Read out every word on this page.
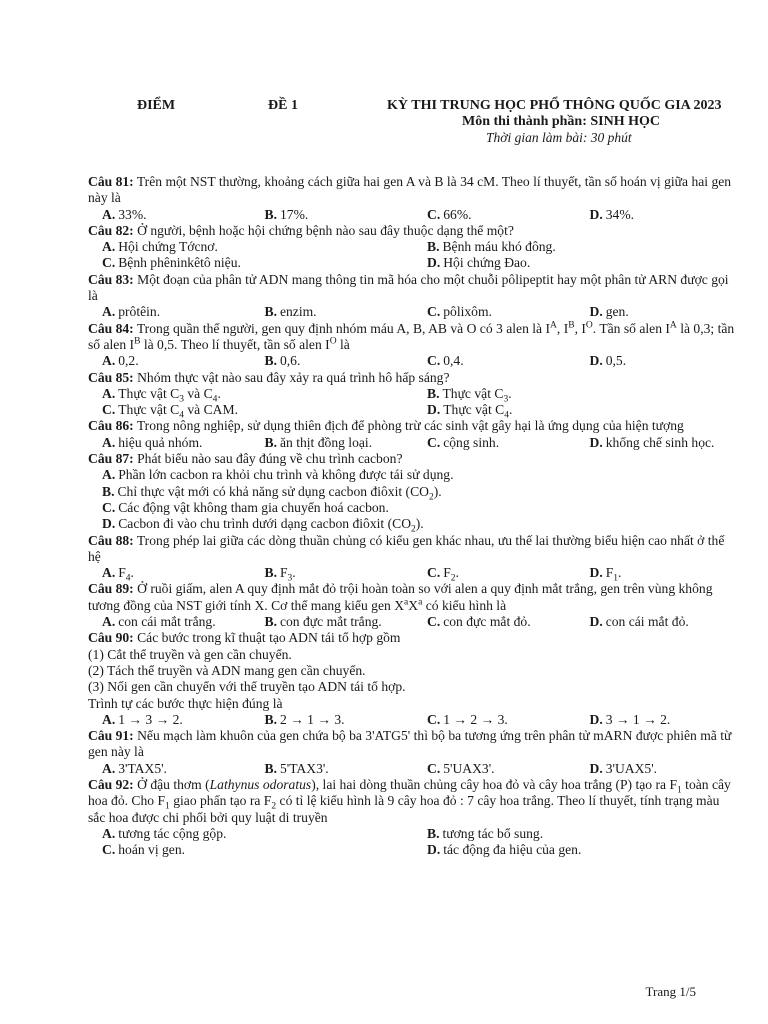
ĐIỂM	ĐỀ 1	KỲ THI TRUNG HỌC PHỔ THÔNG QUỐC GIA 2023
Môn thi thành phần: SINH HỌC
Thời gian làm bài: 30 phút
Câu 81: Trên một NST thường, khoảng cách giữa hai gen A và B là 34 cM. Theo lí thuyết, tần số hoán vị giữa hai gen này là
A. 33%.	B. 17%.	C. 66%.	D. 34%.
Câu 82: Ở người, bệnh hoặc hội chứng bệnh nào sau đây thuộc dạng thể một?
A. Hội chứng Tớcnơ.	B. Bệnh máu khó đông.
C. Bệnh phêninkêtô niệu.	D. Hội chứng Đao.
Câu 83: Một đoạn của phân tử ADN mang thông tin mã hóa cho một chuỗi pôlipeptit hay một phân tử ARN được gọi là
A. prôtêin.	B. enzim.	C. pôlixôm.	D. gen.
Câu 84: Trong quần thể người, gen quy định nhóm máu A, B, AB và O có 3 alen là $I^A$, $I^B$, $I^O$. Tần số alen $I^A$ là 0,3; tần số alen $I^B$ là 0,5. Theo lí thuyết, tần số alen $I^O$ là
A. 0,2.	B. 0,6.	C. 0,4.	D. 0,5.
Câu 85: Nhóm thực vật nào sau đây xảy ra quá trình hô hấp sáng?
A. Thực vật $C_3$ và $C_4$.	B. Thực vật $C_3$.
C. Thực vật $C_4$ và CAM.	D. Thực vật $C_4$.
Câu 86: Trong nông nghiệp, sử dụng thiên địch để phòng trừ các sinh vật gây hại là ứng dụng của hiện tượng
A. hiệu quả nhóm.	B. ăn thịt đồng loại.	C. cộng sinh.	D. khống chế sinh học.
Câu 87: Phát biểu nào sau đây đúng về chu trình cacbon?
A. Phần lớn cacbon ra khỏi chu trình và không được tái sử dụng.
B. Chỉ thực vật mới có khả năng sử dụng cacbon điôxit $(CO_2)$.
C. Các động vật không tham gia chuyển hoá cacbon.
D. Cacbon đi vào chu trình dưới dạng cacbon điôxit $(CO_2)$.
Câu 88: Trong phép lai giữa các dòng thuần chủng có kiểu gen khác nhau, ưu thế lai thường biểu hiện cao nhất ở thế hệ
A. $F_4$.	B. $F_3$.	C. $F_2$.	D. $F_1$.
Câu 89: Ở ruồi giấm, alen A quy định mắt đỏ trội hoàn toàn so với alen a quy định mắt trắng, gen trên vùng không tương đồng của NST giới tính X. Cơ thể mang kiểu gen $X^aX^a$ có kiểu hình là
A. con cái mắt trắng.	B. con đực mắt trắng.	C. con đực mắt đỏ.	D. con cái mắt đỏ.
Câu 90: Các bước trong kĩ thuật tạo ADN tái tổ hợp gồm
(1) Cắt thể truyền và gen cần chuyển.
(2) Tách thể truyền và ADN mang gen cần chuyển.
(3) Nối gen cần chuyển với thể truyền tạo ADN tái tổ hợp.
Trình tự các bước thực hiện đúng là
A. 1 → 3 → 2.	B. 2 → 1 → 3.	C. 1 → 2 → 3.	D. 3 → 1 → 2.
Câu 91: Nếu mạch làm khuôn của gen chứa bộ ba 3'ATG5' thì bộ ba tương ứng trên phân tử mARN được phiên mã từ gen này là
A. 3'TAX5'.	B. 5'TAX3'.	C. 5'UAX3'.	D. 3'UAX5'.
Câu 92: Ở đậu thơm (Lathynus odoratus), lai hai dòng thuần chủng cây hoa đỏ và cây hoa trắng (P) tạo ra $F_1$ toàn cây hoa đỏ. Cho $F_1$ giao phấn tạo ra $F_2$ có tỉ lệ kiểu hình là 9 cây hoa đỏ : 7 cây hoa trắng. Theo lí thuyết, tính trạng màu sắc hoa được chi phối bởi quy luật di truyền
A. tương tác cộng gộp.	B. tương tác bổ sung.
C. hoán vị gen.	D. tác động đa hiệu của gen.
Trang 1/5
